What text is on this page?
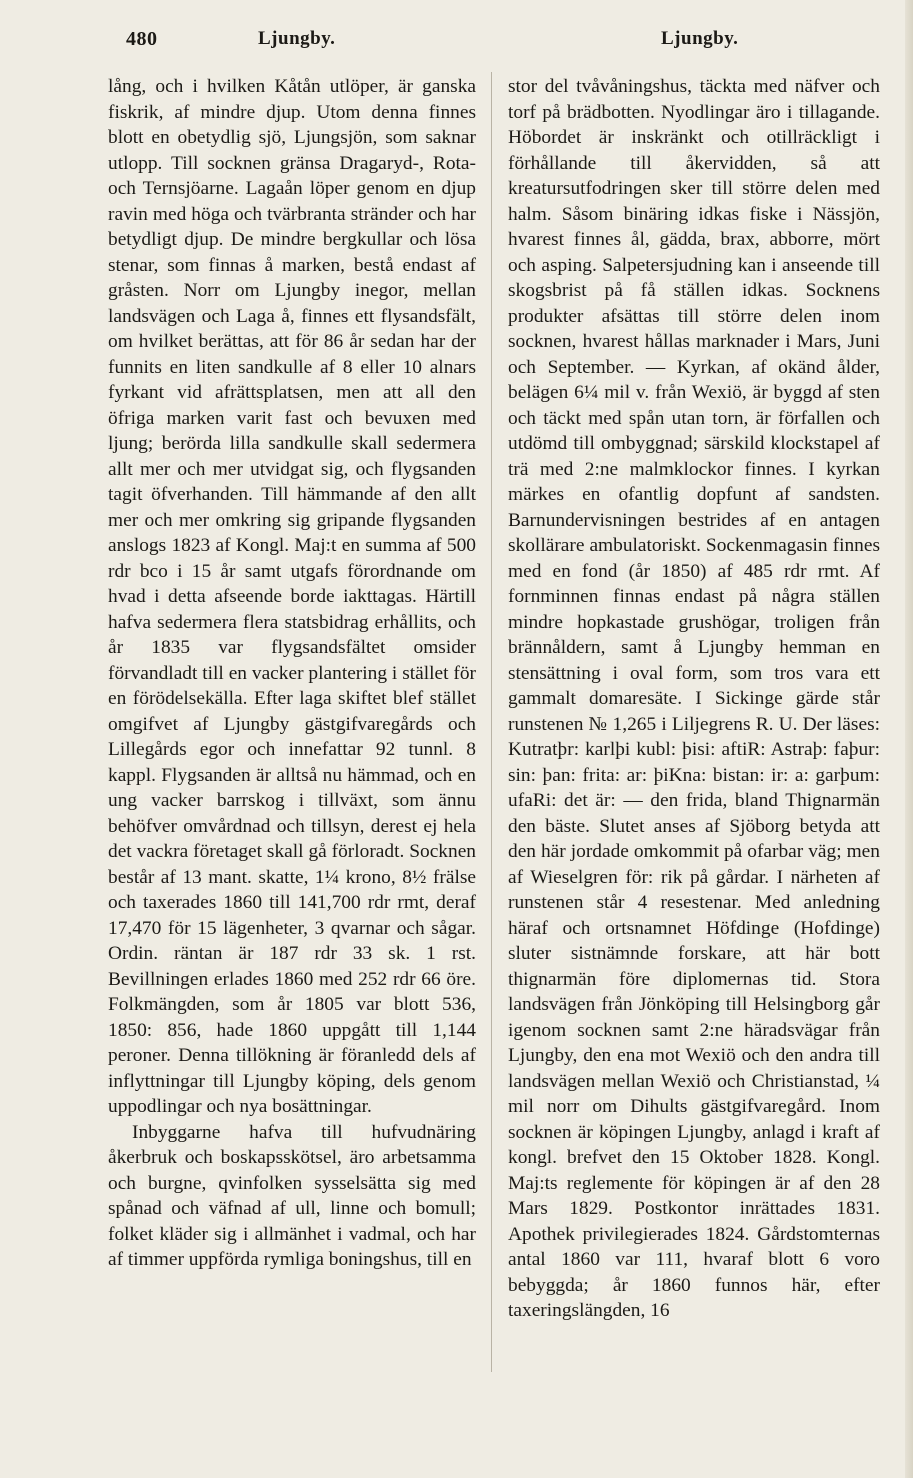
480	Ljungby.	Ljungby.

lång, och i hvilken Kåtån utlöper, är ganska fiskrik, af mindre djup. Utom denna finnes blott en obetydlig sjö, Ljungsjön, som saknar utlopp. Till socknen gränsa Dragaryd-, Rota- och Ternsjöarne. Lagaån löper genom en djup ravin med höga och tvärbranta stränder och har betydligt djup. De mindre bergkullar och lösa stenar, som finnas å marken, bestå endast af gråsten. Norr om Ljungby inegor, mellan landsvägen och Laga å, finnes ett flysandsfält, om hvilket berättas, att för 86 år sedan har der funnits en liten sandkulle af 8 eller 10 alnars fyrkant vid afrättsplatsen, men att all den öfriga marken varit fast och bevuxen med ljung; berörda lilla sandkulle skall sedermera allt mer och mer utvidgat sig, och flygsanden tagit öfverhanden. Till hämmande af den allt mer och mer omkring sig gripande flygsanden anslogs 1823 af Kongl. Maj:t en summa af 500 rdr bco i 15 år samt utgafs förordnande om hvad i detta afseende borde iakttagas. Härtill hafva sedermera flera statsbidrag erhållits, och år 1835 var flygsandsfältet omsider förvandladt till en vacker plantering i stället för en förödelsekälla. Efter laga skiftet blef stället omgifvet af Ljungby gästgifvaregårds och Lillegårds egor och innefattar 92 tunnl. 8 kappl. Flygsanden är alltså nu hämmad, och en ung vacker barrskog i tillväxt, som ännu behöfver omvårdnad och tillsyn, derest ej hela det vackra företaget skall gå förloradt. Socknen består af 13 mant. skatte, 1¼ krono, 8½ frälse och taxerades 1860 till 141,700 rdr rmt, deraf 17,470 för 15 lägenheter, 3 qvarnar och sågar. Ordin. räntan är 187 rdr 33 sk. 1 rst. Bevillningen erlades 1860 med 252 rdr 66 öre. Folkmängden, som år 1805 var blott 536, 1850: 856, hade 1860 uppgått till 1,144 peroner. Denna tillökning är föranledd dels af inflyttningar till Ljungby köping, dels genom uppodlingar och nya bosättningar.

Inbyggarne hafva till hufvudnäring åkerbruk och boskapsskötsel, äro arbetsamma och burgne, qvinfolken sysselsätta sig med spånad och väfnad af ull, linne och bomull; folket kläder sig i allmänhet i vadmal, och har af timmer uppförda rymliga boningshus, till en

stor del tvåvåningshus, täckta med näfver och torf på brädbotten. Nyodlingar äro i tillagande. Höbordet är inskränkt och otillräckligt i förhållande till åkervidden, så att kreatursutfodringen sker till större delen med halm. Såsom binäring idkas fiske i Nässjön, hvarest finnes ål, gädda, brax, abborre, mört och asping. Salpetersjudning kan i anseende till skogsbrist på få ställen idkas. Socknens produkter afsättas till större delen inom socknen, hvarest hållas marknader i Mars, Juni och September. — Kyrkan, af okänd ålder, belägen 6¼ mil v. från Wexiö, är byggd af sten och täckt med spån utan torn, är förfallen och utdömd till ombyggnad; särskild klockstapel af trä med 2:ne malmklockor finnes. I kyrkan märkes en ofantlig dopfunt af sandsten. Barnundervisningen bestrides af en antagen skollärare ambulatoriskt. Sockenmagasin finnes med en fond (år 1850) af 485 rdr rmt. Af fornminnen finnas endast på några ställen mindre hopkastade grushögar, troligen från brännåldern, samt å Ljungby hemman en stensättning i oval form, som tros vara ett gammalt domaresäte. I Sickinge gärde står runstenen № 1,265 i Liljegrens R. U. Der läses: Kutratþr: karlþi kubl: þisi: aftiR: Astraþ: faþur: sin: þan: frita: ar: þiKna: bistan: ir: a: garþum: ufaRi: det är: — den frida, bland Thignarmän den bäste. Slutet anses af Sjöborg betyda att den här jordade omkommit på ofarbar väg; men af Wieselgren för: rik på gårdar. I närheten af runstenen står 4 resestenar. Med anledning häraf och ortsnamnet Höfdinge (Hofdinge) sluter sistnämnde forskare, att här bott thignarmän före diplomernas tid. Stora landsvägen från Jönköping till Helsingborg går igenom socknen samt 2:ne häradsvägar från Ljungby, den ena mot Wexiö och den andra till landsvägen mellan Wexiö och Christianstad, ¼ mil norr om Dihults gästgifvaregård. Inom socknen är köpingen Ljungby, anlagd i kraft af kongl. brefvet den 15 Oktober 1828. Kongl. Maj:ts reglemente för köpingen är af den 28 Mars 1829. Postkontor inrättades 1831. Apothek privilegierades 1824. Gårdstomternas antal 1860 var 111, hvaraf blott 6 voro bebyggda; år 1860 funnos här, efter taxeringslängden, 16
